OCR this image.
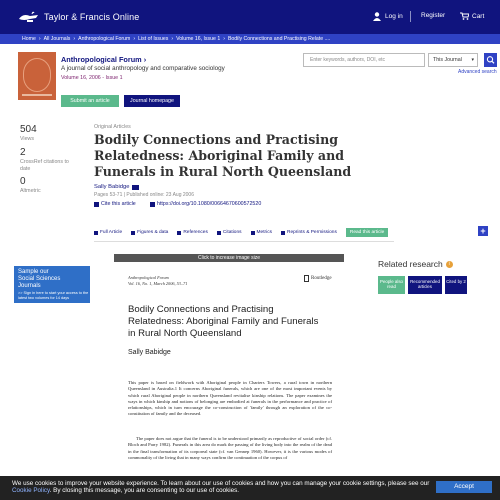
Taylor & Francis Online	Log in	Register	Cart
Home › All Journals › Anthropological Forum › List of Issues › Volume 16, Issue 1 › Bodily Connections and Practising Relate ....
Anthropological Forum ›
A journal of social anthropology and comparative sociology
Volume 16, 2006 - Issue 1
Submit an article	Journal homepage
Enter keywords, authors, DOI, etc
This Journal ▾
Advanced search
504
Views
2
CrossRef citations to date
0
Altmetric
Original Articles
Bodily Connections and Practising Relatedness: Aboriginal Family and Funerals in Rural North Queensland
Sally Babidge
Pages 53-71 | Published online: 23 Aug 2006
Cite this article	https://doi.org/10.1080/00664670600572520
Full Article	Figures & data	References	Citations	Metrics	Reprints & Permissions	Read this article	+
Sample our
Social Sciences
Journals
>> Sign in here to start your access to the latest two volumes for 14 days
Click to increase image size
Anthropological Forum
Vol. 16, No. 1, March 2006, 53–71
Routledge
Bodily Connections and Practising Relatedness: Aboriginal Family and Funerals in Rural North Queensland
Sally Babidge
This paper is based on fieldwork with Aboriginal people in Charters Towers, a rural town in northern Queensland in Australia.1 It concerns Aboriginal funerals, which are one of the most important events by which rural Aboriginal people in northern Queensland revitalise kinship relations. The paper examines the ways in which kinship and notions of belonging are embodied at funerals in the performance and practice of relationships, which in turn encourage the co-construction of 'family' through an exploration of the co-constitution of family and the deceased.
The paper does not argue that the funeral is to be understood primarily as reproductive of social order (cf. Bloch and Parry 1982). Funerals in this area do mark the passing of the living body into the realm of the dead in the final transformation of its corporeal state (cf. van Gennep 1960). However, it is the various modes of commonality of the living that in many ways confirm the continuation of the corpus of
Related research	i
People also read
Recommended articles
Cited by 2
We use cookies to improve your website experience. To learn about our use of cookies and how you can manage your cookie settings, please see our Cookie Policy. By closing this message, you are consenting to our use of cookies.
Accept
